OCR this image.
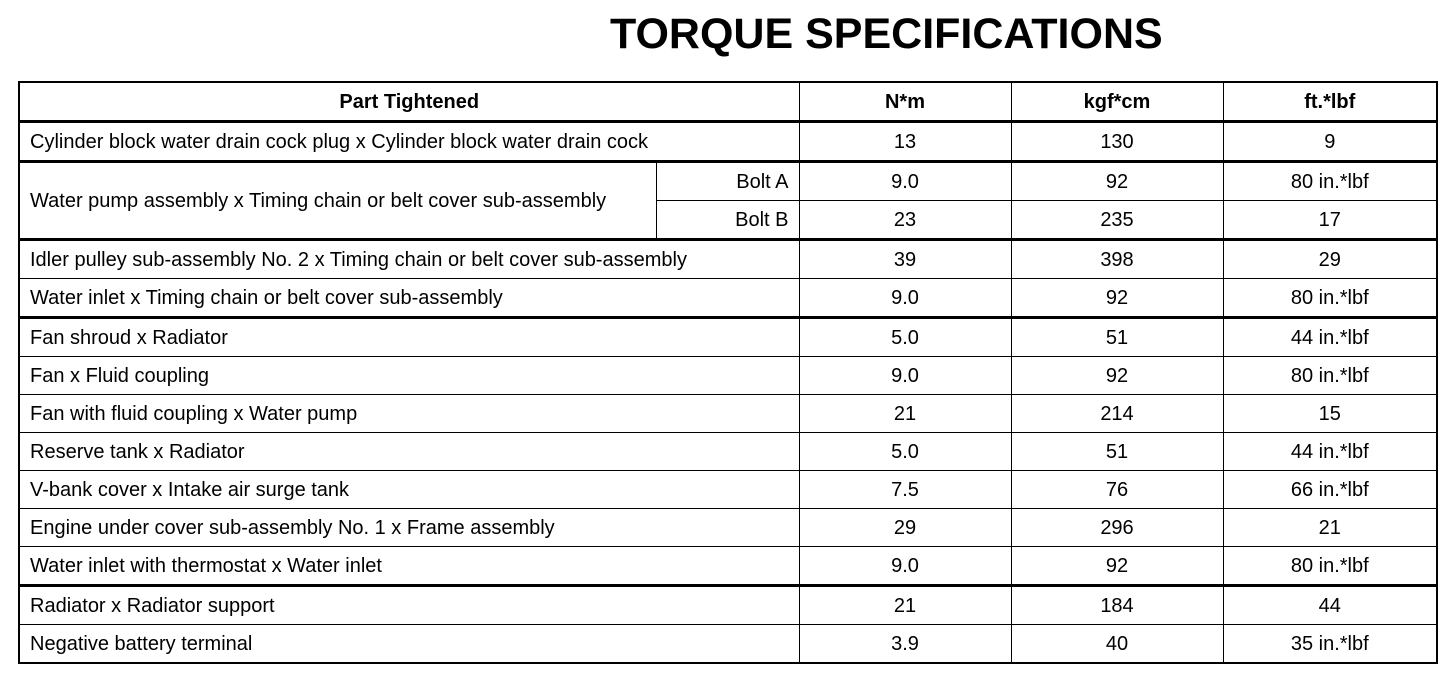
TORQUE SPECIFICATIONS
Part Tightened		N*m	kgf*cm	ft.*lbf
Cylinder block water drain cock plug x Cylinder block water drain cock		13	130	9
Water pump assembly x Timing chain or belt cover sub-assembly	Bolt A	9.0	92	80 in.*lbf
	Bolt B	23	235	17
Idler pulley sub-assembly No. 2 x Timing chain or belt cover sub-assembly		39	398	29
Water inlet x Timing chain or belt cover sub-assembly		9.0	92	80 in.*lbf
Fan shroud x Radiator		5.0	51	44 in.*lbf
Fan x Fluid coupling		9.0	92	80 in.*lbf
Fan with fluid coupling x Water pump		21	214	15
Reserve tank x Radiator		5.0	51	44 in.*lbf
V-bank cover x Intake air surge tank		7.5	76	66 in.*lbf
Engine under cover sub-assembly No. 1 x Frame assembly		29	296	21
Water inlet with thermostat x Water inlet		9.0	92	80 in.*lbf
Radiator x Radiator support		21	184	44
Negative battery terminal		3.9	40	35 in.*lbf
